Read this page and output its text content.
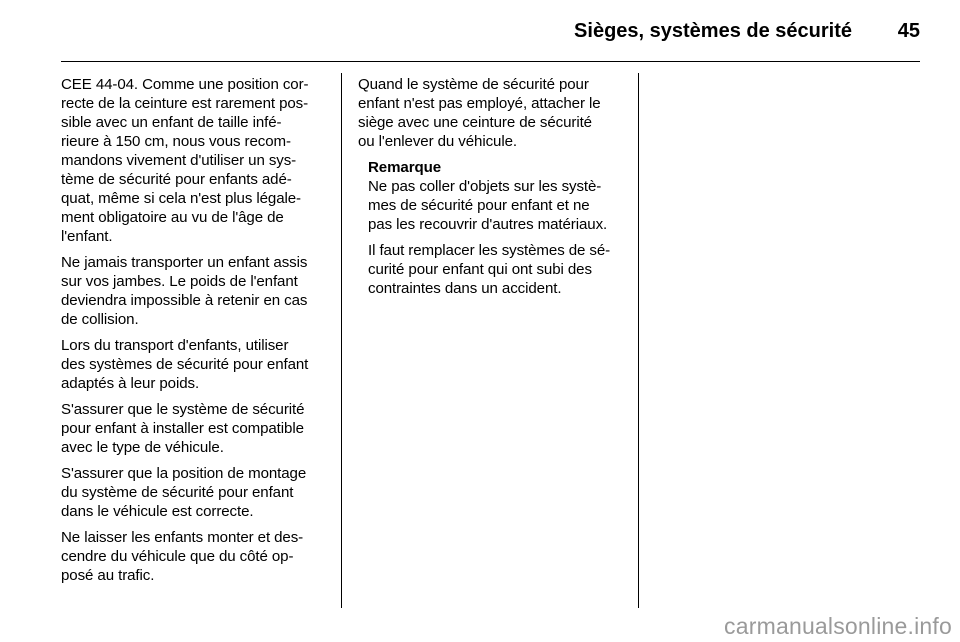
Sièges, systèmes de sécurité	45

CEE 44-04. Comme une position cor-
recte de la ceinture est rarement pos-
sible avec un enfant de taille infé-
rieure à 150 cm, nous vous recom-
mandons vivement d'utiliser un sys-
tème de sécurité pour enfants adé-
quat, même si cela n'est plus légale-
ment obligatoire au vu de l'âge de
l'enfant.

Ne jamais transporter un enfant assis
sur vos jambes. Le poids de l'enfant
deviendra impossible à retenir en cas
de collision.

Lors du transport d'enfants, utiliser
des systèmes de sécurité pour enfant
adaptés à leur poids.

S'assurer que le système de sécurité
pour enfant à installer est compatible
avec le type de véhicule.

S'assurer que la position de montage
du système de sécurité pour enfant
dans le véhicule est correcte.

Ne laisser les enfants monter et des-
cendre du véhicule que du côté op-
posé au trafic.

Quand le système de sécurité pour
enfant n'est pas employé, attacher le
siège avec une ceinture de sécurité
ou l'enlever du véhicule.

Remarque

Ne pas coller d'objets sur les systè-
mes de sécurité pour enfant et ne
pas les recouvrir d'autres matériaux.

Il faut remplacer les systèmes de sé-
curité pour enfant qui ont subi des
contraintes dans un accident.

carmanualsonline.info
